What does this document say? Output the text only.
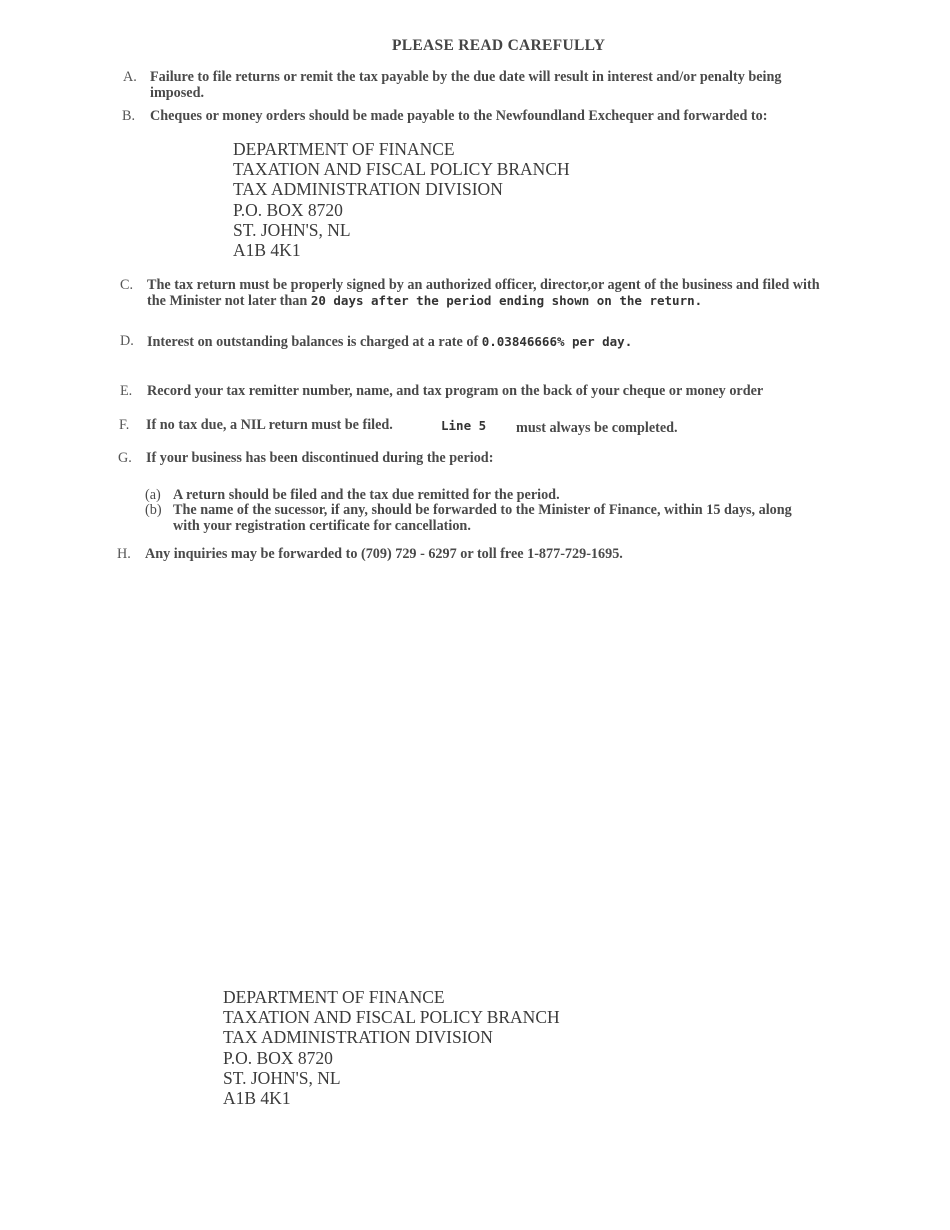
PLEASE READ CAREFULLY
A. Failure to file returns or remit the tax payable by the due date will result in interest and/or penalty being
imposed.
B. Cheques or money orders should be made payable to the Newfoundland Exchequer and forwarded to:
DEPARTMENT OF FINANCE
TAXATION AND FISCAL POLICY BRANCH
TAX ADMINISTRATION DIVISION
P.O. BOX 8720
ST. JOHN'S, NL
A1B 4K1
C. The tax return must be properly signed by an authorized officer, director,or agent of the business and filed with
the Minister not later than 20 days after the period ending shown on the return.
D. Interest on outstanding balances is charged at a rate of 0.03846666% per day.
E. Record your tax remitter number, name, and tax program on the back of your cheque or money order
F. If no tax due, a NIL return must be filed.	Line 5 must always be completed.
G. If your business has been discontinued during the period:
(a) A return should be filed and the tax due remitted for the period.
(b) The name of the sucessor, if any, should be forwarded to the Minister of Finance, within 15 days, along
with your registration certificate for cancellation.
H. Any inquiries may be forwarded to (709) 729 - 6297 or toll free 1-877-729-1695.
DEPARTMENT OF FINANCE
TAXATION AND FISCAL POLICY BRANCH
TAX ADMINISTRATION DIVISION
P.O. BOX 8720
ST. JOHN'S, NL
A1B 4K1
